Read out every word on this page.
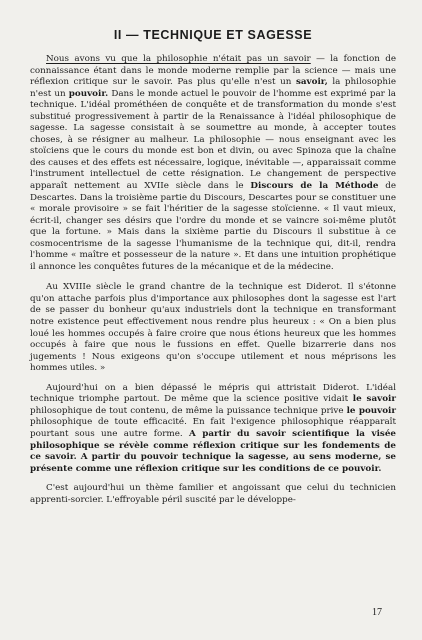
II — TECHNIQUE ET SAGESSE

Nous avons vu que la philosophie n'était pas un savoir — la fonction de connaissance étant dans le monde moderne remplie par la science — mais une réflexion critique sur le savoir. Pas plus qu'elle n'est un savoir, la philosophie n'est un pouvoir. Dans le monde actuel le pouvoir de l'homme est exprimé par la technique. L'idéal prométhéen de conquête et de transformation du monde s'est substitué progressivement à partir de la Renaissance à l'idéal philosophique de sagesse. La sagesse consistait à se soumettre au monde, à accepter toutes choses, à se résigner au malheur. La philosophie — nous enseignant avec les stoïciens que le cours du monde est bon et divin, ou avec Spinoza que la chaîne des causes et des effets est nécessaire, logique, inévitable —, apparaissait comme l'instrument intellectuel de cette résignation. Le changement de perspective apparaît nettement au XVIIe siècle dans le Discours de la Méthode de Descartes. Dans la troisième partie du Discours, Descartes pour se constituer une « morale provisoire » se fait l'héritier de la sagesse stoïcienne. « Il vaut mieux, écrit-il, changer ses désirs que l'ordre du monde et se vaincre soi-même plutôt que la fortune. » Mais dans la sixième partie du Discours il substitue à ce cosmocentrisme de la sagesse l'humanisme de la technique qui, dit-il, rendra l'homme « maître et possesseur de la nature ». Et dans une intuition prophétique il annonce les conquêtes futures de la mécanique et de la médecine.

Au XVIIIe siècle le grand chantre de la technique est Diderot. Il s'étonne qu'on attache parfois plus d'importance aux philosophes dont la sagesse est l'art de se passer du bonheur qu'aux industriels dont la technique en transformant notre existence peut effectivement nous rendre plus heureux : « On a bien plus loué les hommes occupés à faire croire que nous étions heureux que les hommes occupés à faire que nous le fussions en effet. Quelle bizarrerie dans nos jugements ! Nous exigeons qu'on s'occupe utilement et nous méprisons les hommes utiles. »

Aujourd'hui on a bien dépassé le mépris qui attristait Diderot. L'idéal technique triomphe partout. De même que la science positive vidait le savoir philosophique de tout contenu, de même la puissance technique prive le pouvoir philosophique de toute efficacité. En fait l'exigence philosophique réapparaît pourtant sous une autre forme. A partir du savoir scientifique la visée philosophique se révèle comme réflexion critique sur les fondements de ce savoir. A partir du pouvoir technique la sagesse, au sens moderne, se présente comme une réflexion critique sur les conditions de ce pouvoir.

C'est aujourd'hui un thème familier et angoissant que celui du technicien apprenti-sorcier. L'effroyable péril suscité par le développe-

17
